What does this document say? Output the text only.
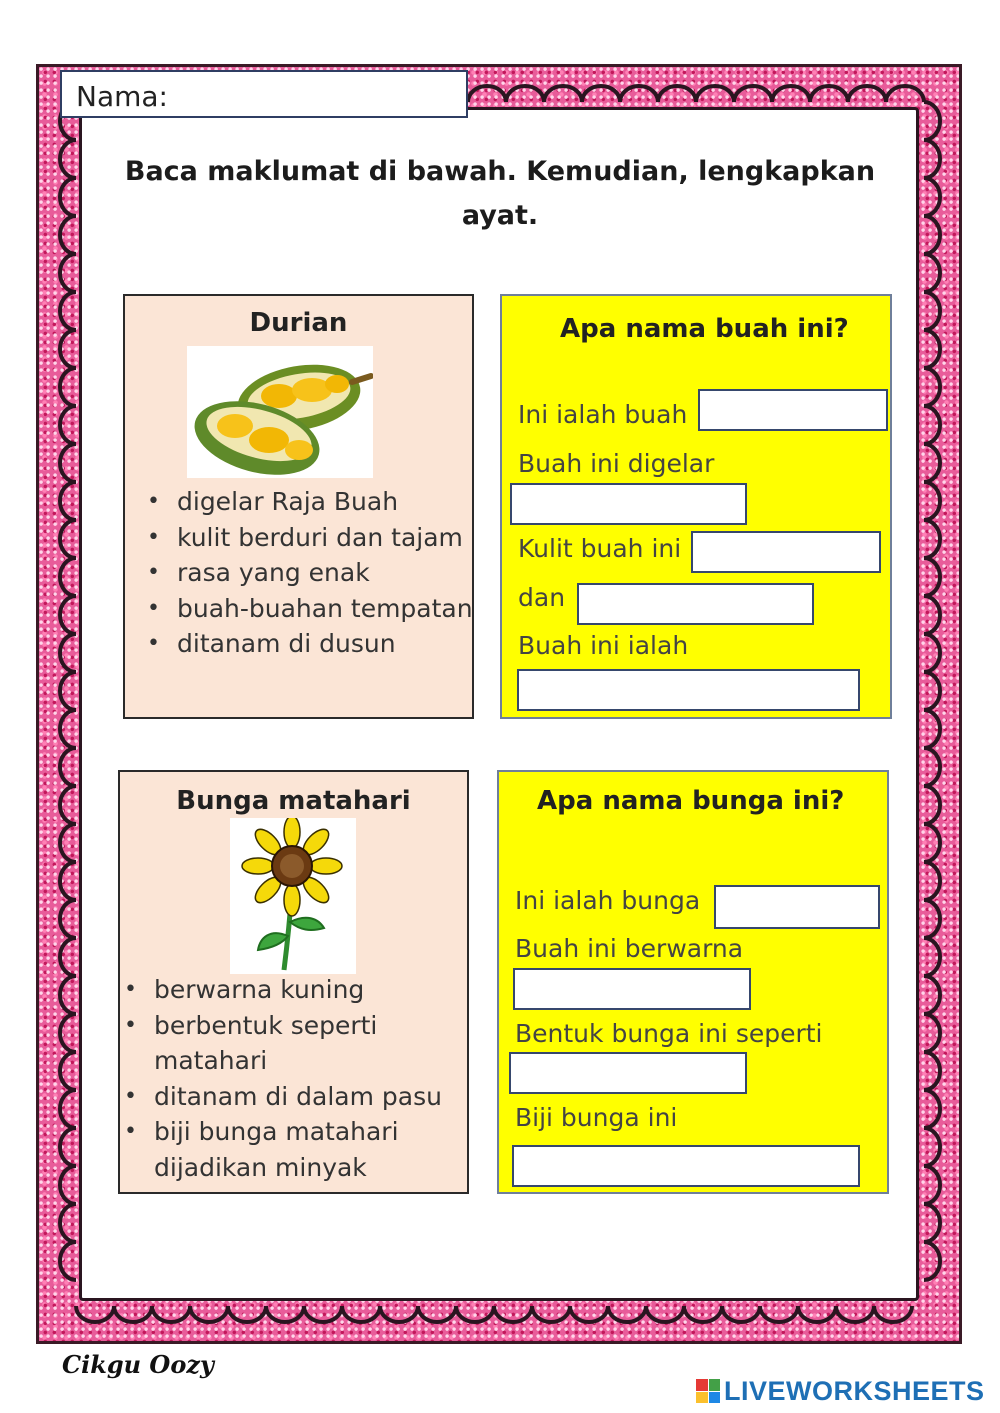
Nama:
Baca maklumat di bawah. Kemudian, lengkapkan ayat.
Durian
• digelar Raja Buah
• kulit berduri dan tajam
• rasa yang enak
• buah-buahan tempatan
• ditanam di dusun
Apa nama buah ini?
Ini ialah buah
Buah ini digelar
Kulit buah ini
dan
Buah ini ialah
Bunga matahari
• berwarna kuning
• berbentuk seperti matahari
• ditanam di dalam pasu
• biji bunga matahari dijadikan minyak
Apa nama bunga ini?
Ini ialah bunga
Buah ini berwarna
Bentuk bunga ini seperti
Biji bunga ini
Cikgu Oozy
LIVEWORKSHEETS
